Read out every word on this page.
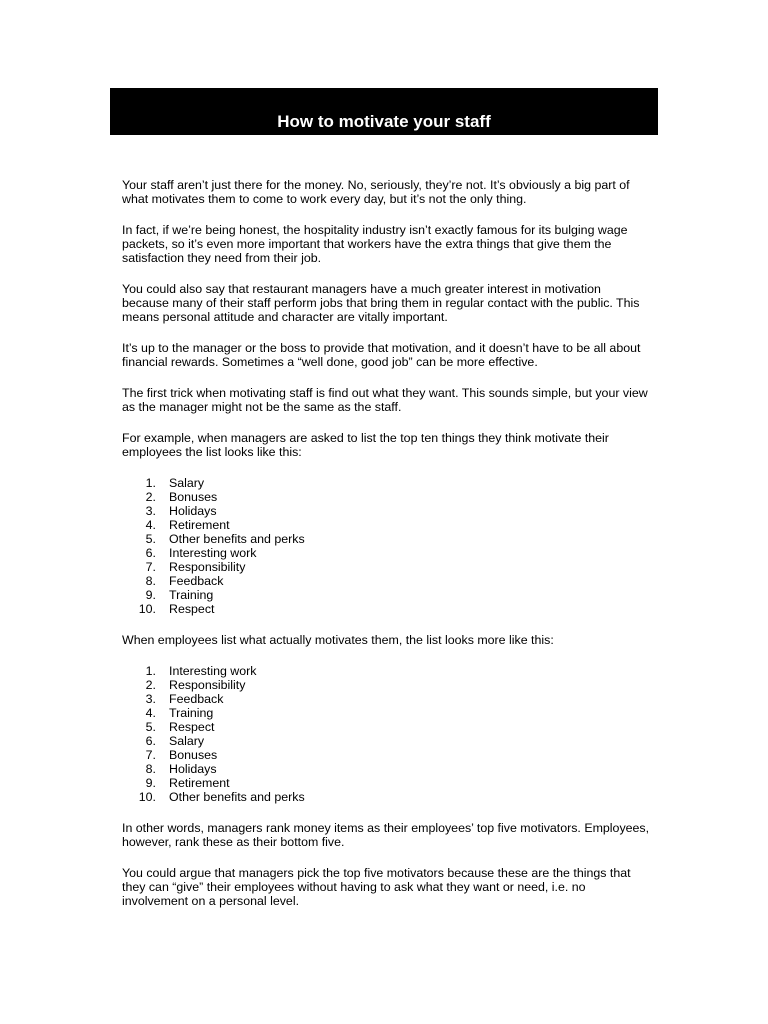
How to motivate your staff

Your staff aren’t just there for the money. No, seriously, they’re not. It’s obviously a big part of what motivates them to come to work every day, but it’s not the only thing.

In fact, if we’re being honest, the hospitality industry isn’t exactly famous for its bulging wage packets, so it’s even more important that workers have the extra things that give them the satisfaction they need from their job.

You could also say that restaurant managers have a much greater interest in motivation because many of their staff perform jobs that bring them in regular contact with the public. This means personal attitude and character are vitally important.

It’s up to the manager or the boss to provide that motivation, and it doesn’t have to be all about financial rewards. Sometimes a “well done, good job” can be more effective.

The first trick when motivating staff is find out what they want. This sounds simple, but your view as the manager might not be the same as the staff.

For example, when managers are asked to list the top ten things they think motivate their employees the list looks like this:

1. Salary
2. Bonuses
3. Holidays
4. Retirement
5. Other benefits and perks
6. Interesting work
7. Responsibility
8. Feedback
9. Training
10. Respect

When employees list what actually motivates them, the list looks more like this:

1. Interesting work
2. Responsibility
3. Feedback
4. Training
5. Respect
6. Salary
7. Bonuses
8. Holidays
9. Retirement
10. Other benefits and perks

In other words, managers rank money items as their employees’ top five motivators. Employees, however, rank these as their bottom five.

You could argue that managers pick the top five motivators because these are the things that they can “give” their employees without having to ask what they want or need, i.e. no involvement on a personal level.
